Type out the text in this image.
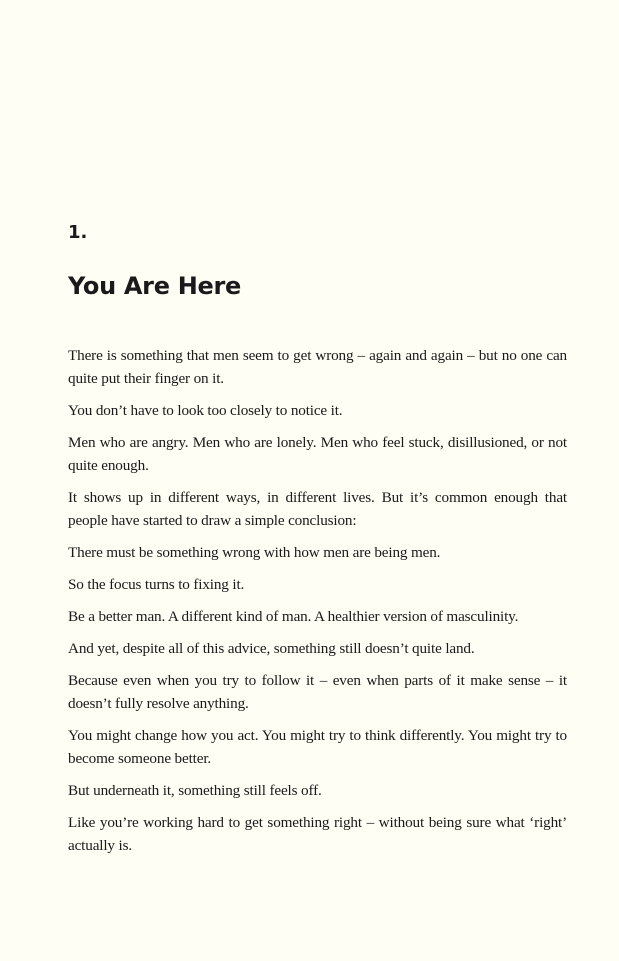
1.
You Are Here

There is something that men seem to get wrong – again and again – but no one can quite put their finger on it.

You don’t have to look too closely to notice it.

Men who are angry. Men who are lonely. Men who feel stuck, disillusioned, or not quite enough.

It shows up in different ways, in different lives. But it’s common enough that people have started to draw a simple conclusion:

There must be something wrong with how men are being men.

So the focus turns to fixing it.

Be a better man. A different kind of man. A healthier version of masculinity.

And yet, despite all of this advice, something still doesn’t quite land.

Because even when you try to follow it – even when parts of it make sense – it doesn’t fully resolve anything.

You might change how you act. You might try to think differently. You might try to become someone better.

But underneath it, something still feels off.

Like you’re working hard to get something right – without being sure what ‘right’ actually is.
